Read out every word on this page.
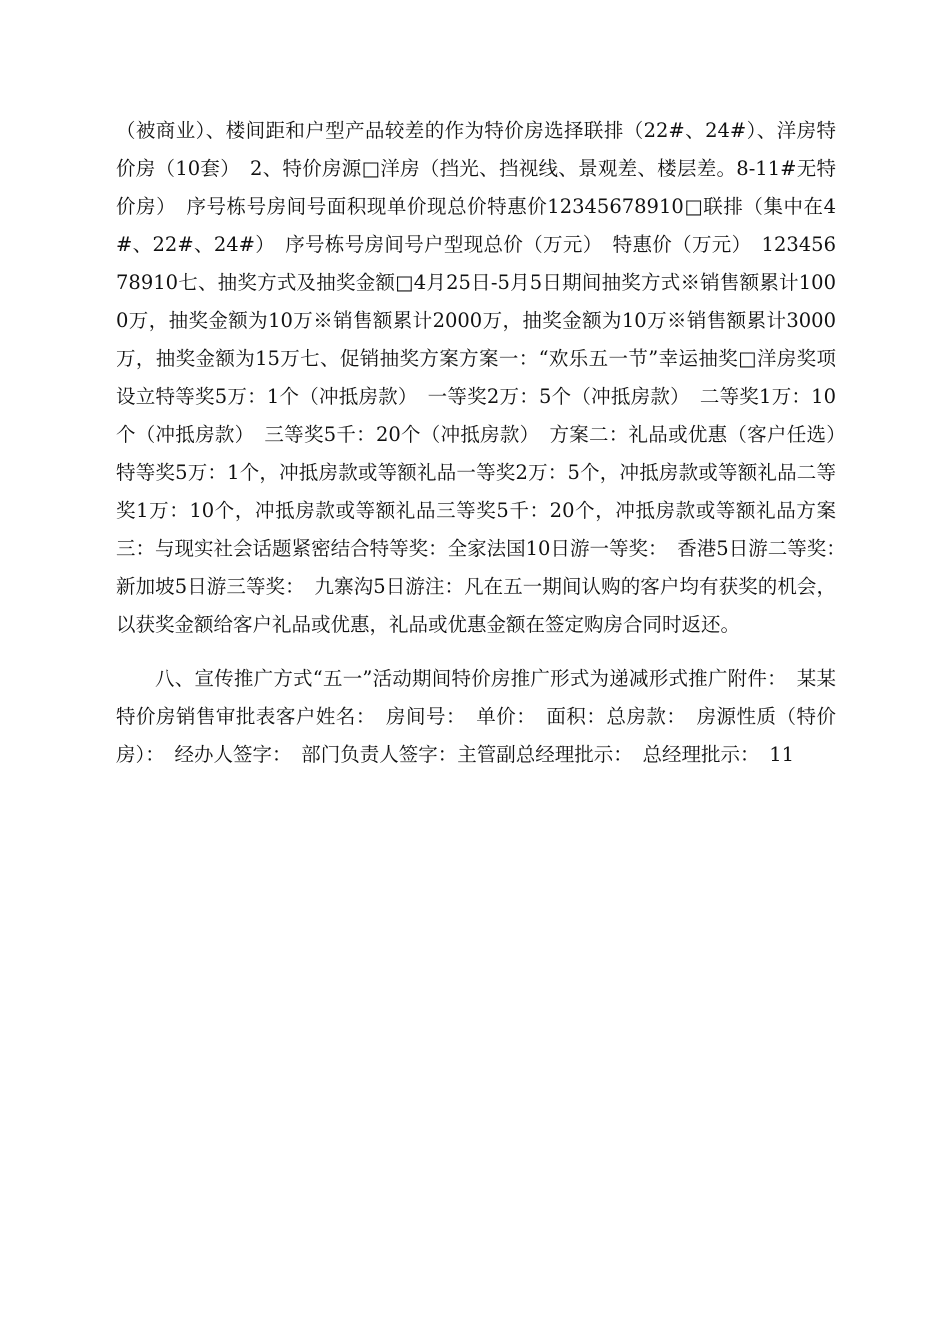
（被商业）、楼间距和户型产品较差的作为特价房选择联排（22#、24#）、洋房特价房（10套）　2、特价房源□洋房（挡光、挡视线、景观差、楼层差。8-11#无特价房）　序号栋号房间号面积现单价现总价特惠价12345678910□联排（集中在4#、22#、24#）　序号栋号房间号户型现总价（万元）　特惠价（万元）　12345678910七、抽奖方式及抽奖金额□4月25日-5月5日期间抽奖方式※销售额累计1000万，抽奖金额为10万※销售额累计2000万，抽奖金额为10万※销售额累计3000万，抽奖金额为15万七、促销抽奖方案方案一：“欢乐五一节”幸运抽奖□洋房奖项设立特等奖5万：1个（冲抵房款）　一等奖2万：5个（冲抵房款）　二等奖1万：10个（冲抵房款）　三等奖5千：20个（冲抵房款）　方案二：礼品或优惠（客户任选）　特等奖5万：1个，冲抵房款或等额礼品一等奖2万：5个，冲抵房款或等额礼品二等奖1万：10个，冲抵房款或等额礼品三等奖5千：20个，冲抵房款或等额礼品方案三：与现实社会话题紧密结合特等奖：全家法国10日游一等奖：　香港5日游二等奖：　新加坡5日游三等奖：　九寨沟5日游注：凡在五一期间认购的客户均有获奖的机会，以获奖金额给客户礼品或优惠，礼品或优惠金额在签定购房合同时返还。

八、宣传推广方式“五一”活动期间特价房推广形式为递减形式推广附件：　某某特价房销售审批表客户姓名：　房间号：　单价：　面积：总房款：　房源性质（特价房）：　经办人签字：　部门负责人签字：主管副总经理批示：　总经理批示：　11
